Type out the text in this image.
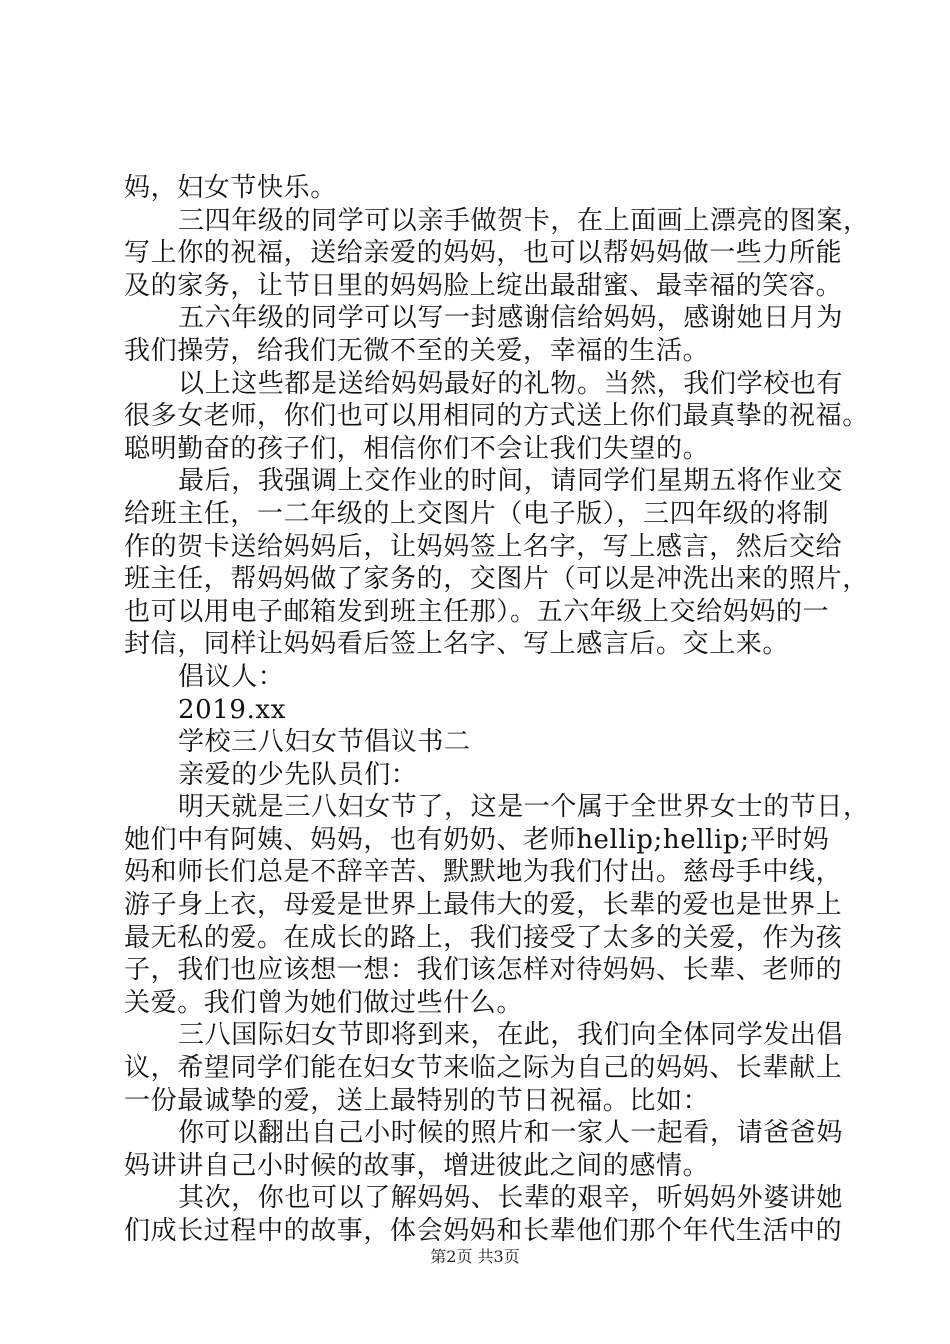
妈，妇女节快乐。
三四年级的同学可以亲手做贺卡，在上面画上漂亮的图案，
写上你的祝福，送给亲爱的妈妈，也可以帮妈妈做一些力所能
及的家务，让节日里的妈妈脸上绽出最甜蜜、最幸福的笑容。
五六年级的同学可以写一封感谢信给妈妈，感谢她日月为
我们操劳，给我们无微不至的关爱，幸福的生活。
以上这些都是送给妈妈最好的礼物。当然，我们学校也有
很多女老师，你们也可以用相同的方式送上你们最真挚的祝福。
聪明勤奋的孩子们，相信你们不会让我们失望的。
最后，我强调上交作业的时间，请同学们星期五将作业交
给班主任，一二年级的上交图片（电子版），三四年级的将制
作的贺卡送给妈妈后，让妈妈签上名字，写上感言，然后交给
班主任，帮妈妈做了家务的，交图片（可以是冲洗出来的照片，
也可以用电子邮箱发到班主任那）。五六年级上交给妈妈的一
封信，同样让妈妈看后签上名字、写上感言后。交上来。
倡议人：
2019.xx
学校三八妇女节倡议书二
亲爱的少先队员们：
明天就是三八妇女节了，这是一个属于全世界女士的节日，
她们中有阿姨、妈妈，也有奶奶、老师hellip;hellip;平时妈
妈和师长们总是不辞辛苦、默默地为我们付出。慈母手中线，
游子身上衣，母爱是世界上最伟大的爱，长辈的爱也是世界上
最无私的爱。在成长的路上，我们接受了太多的关爱，作为孩
子，我们也应该想一想：我们该怎样对待妈妈、长辈、老师的
关爱。我们曾为她们做过些什么。
三八国际妇女节即将到来，在此，我们向全体同学发出倡
议，希望同学们能在妇女节来临之际为自己的妈妈、长辈献上
一份最诚挚的爱，送上最特别的节日祝福。比如：
你可以翻出自己小时候的照片和一家人一起看，请爸爸妈
妈讲讲自己小时候的故事，增进彼此之间的感情。
其次，你也可以了解妈妈、长辈的艰辛，听妈妈外婆讲她
们成长过程中的故事，体会妈妈和长辈他们那个年代生活中的
第2页 共3页
